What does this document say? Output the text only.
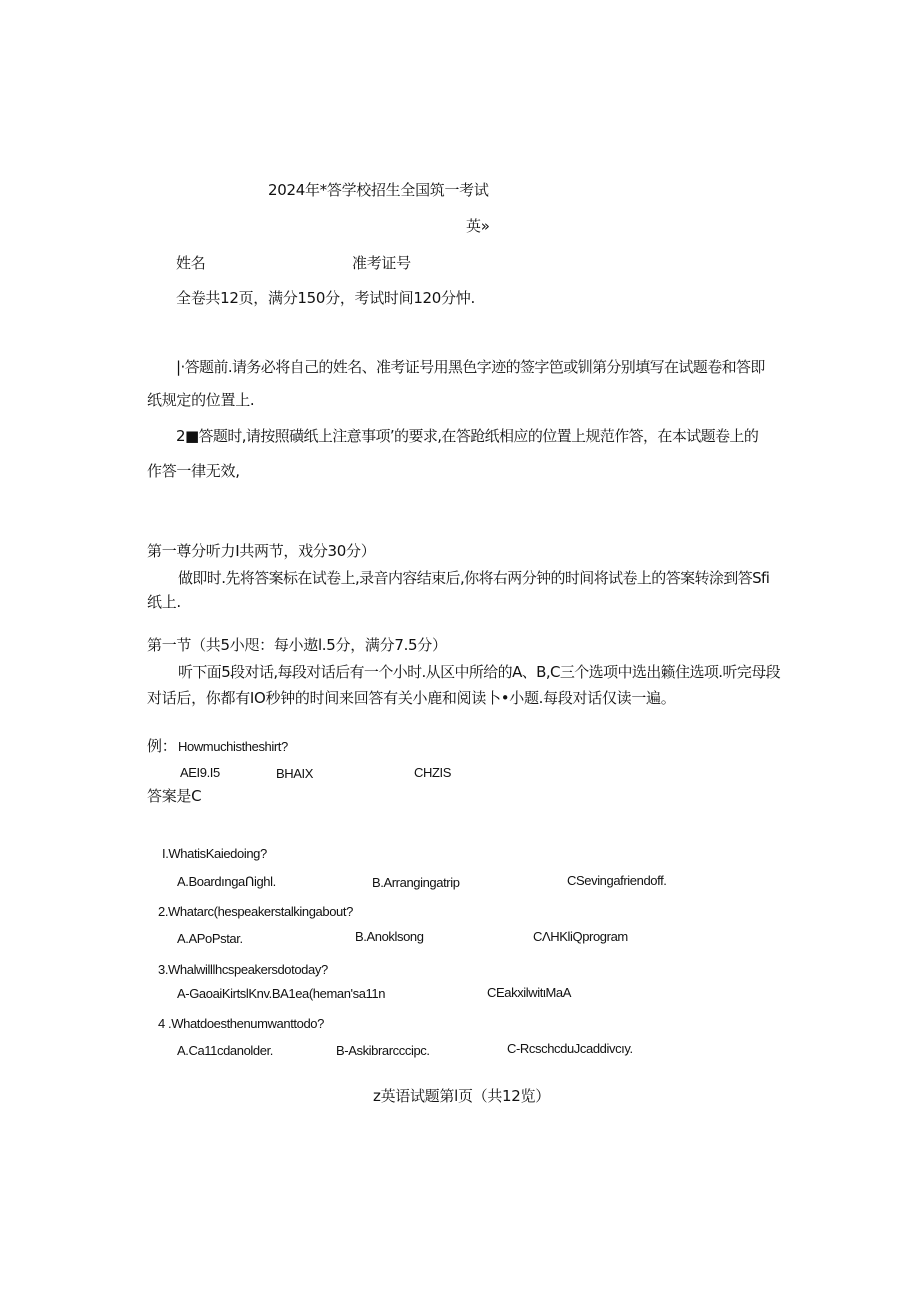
2024年*答学校招生全国筑一考试
英»
姓名	准考证号
全卷共12页，满分150分，考试时间120分忡.
|·答题前.请务必将自己的姓名、准考证号用黑色字迹的签字笆或钏第分别填写在试题卷和答即
纸规定的位置上.
2■答题时,请按照磺纸上注意事项’的要求,在答跄纸相应的位置上规范作答，在本试题卷上的
作答一律无效,
第一尊分听力I共两节，戏分30分）
做即时.先将答案标在试卷上,录音内容结束后,你将右两分钟的时间将试卷上的答案转涂到答Sfi
纸上.
第一节（共5小咫：每小遨l.5分，满分7.5分）
听下面5段对话,每段对话后有一个小时.从区中所给的A、B,C三个选项中选出籁住选项.听完母段
对话后，你都有IO秒钟的时间来回答有关小鹿和阅读卜•小题.每段对话仅读一遍。
例： Howmuchistheshirt?
AEI9.I5	BHAIX	CHZIS
答案是C
I.WhatisKaiedoing?
A.Boardıngaᑎighl.	B.Arrangingatrip	CSevingafriendoff.
2.Whatarc(hespeakerstalkingabout?
A.APoPstar.	B.Anoklsong	CΛHKliQprogram
3.Whalwilllhcspeakersdotoday?
A-GaoaiKirtslKnv.BA1ea(heman'sa11n	CEakxilwitιMaA
4 .Whatdoesthenumwanttodo?
A.Ca11cdanolder.	B-Askibrarcccipc.	C-RcschcduJcaddivcıy.
z英语试题第l页（共12览）
